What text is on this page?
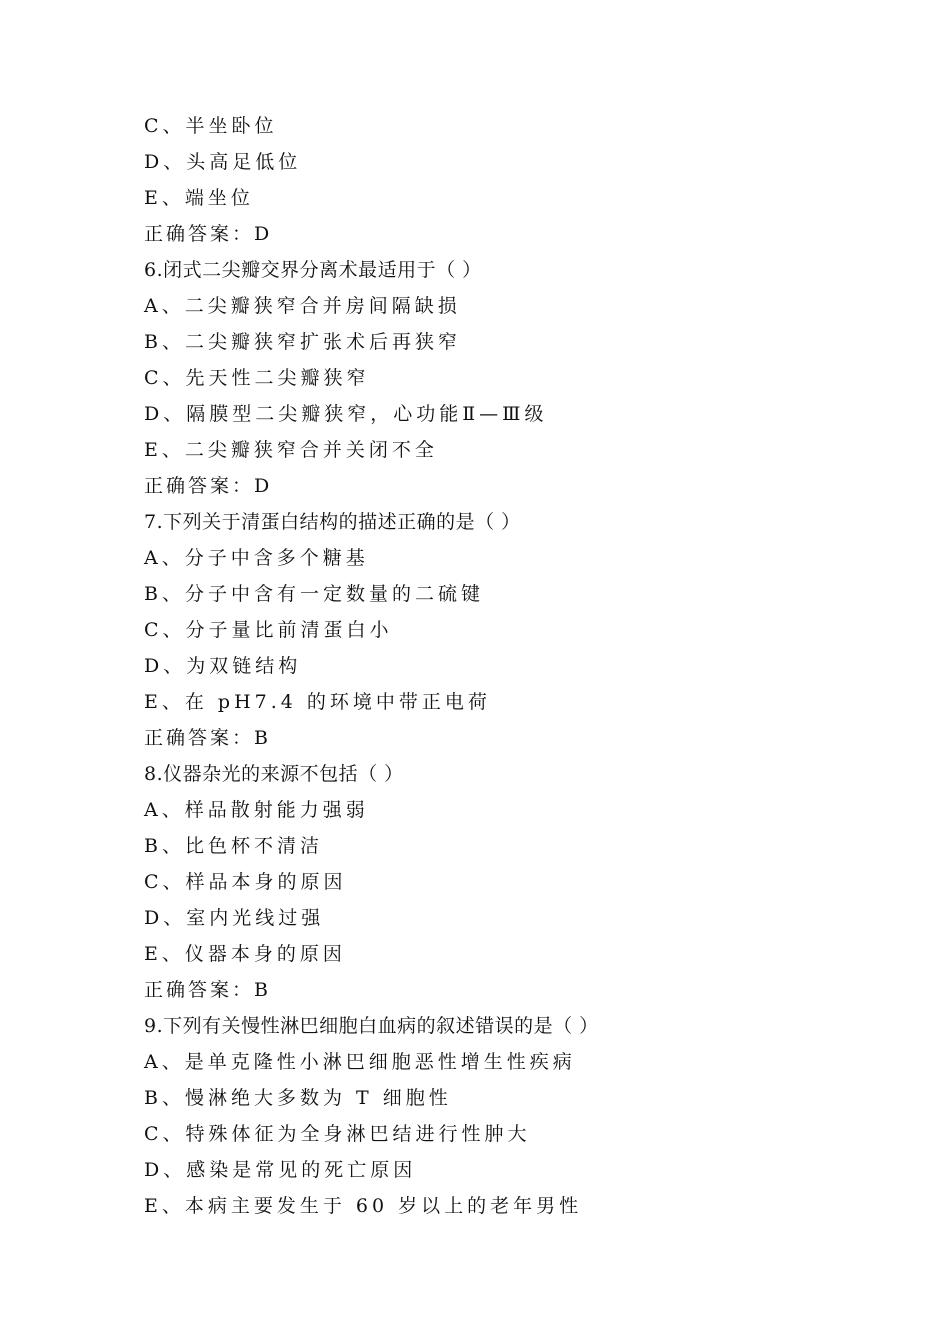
C、半坐卧位
D、头高足低位
E、端坐位
正确答案：D
6.闭式二尖瓣交界分离术最适用于（ ）
A、二尖瓣狭窄合并房间隔缺损
B、二尖瓣狭窄扩张术后再狭窄
C、先天性二尖瓣狭窄
D、隔膜型二尖瓣狭窄，心功能Ⅱ—Ⅲ级
E、二尖瓣狭窄合并关闭不全
正确答案：D
7.下列关于清蛋白结构的描述正确的是（ ）
A、分子中含多个糖基
B、分子中含有一定数量的二硫键
C、分子量比前清蛋白小
D、为双链结构
E、在 pH7.4 的环境中带正电荷
正确答案：B
8.仪器杂光的来源不包括（ ）
A、样品散射能力强弱
B、比色杯不清洁
C、样品本身的原因
D、室内光线过强
E、仪器本身的原因
正确答案：B
9.下列有关慢性淋巴细胞白血病的叙述错误的是（ ）
A、是单克隆性小淋巴细胞恶性增生性疾病
B、慢淋绝大多数为 T 细胞性
C、特殊体征为全身淋巴结进行性肿大
D、感染是常见的死亡原因
E、本病主要发生于 60 岁以上的老年男性
